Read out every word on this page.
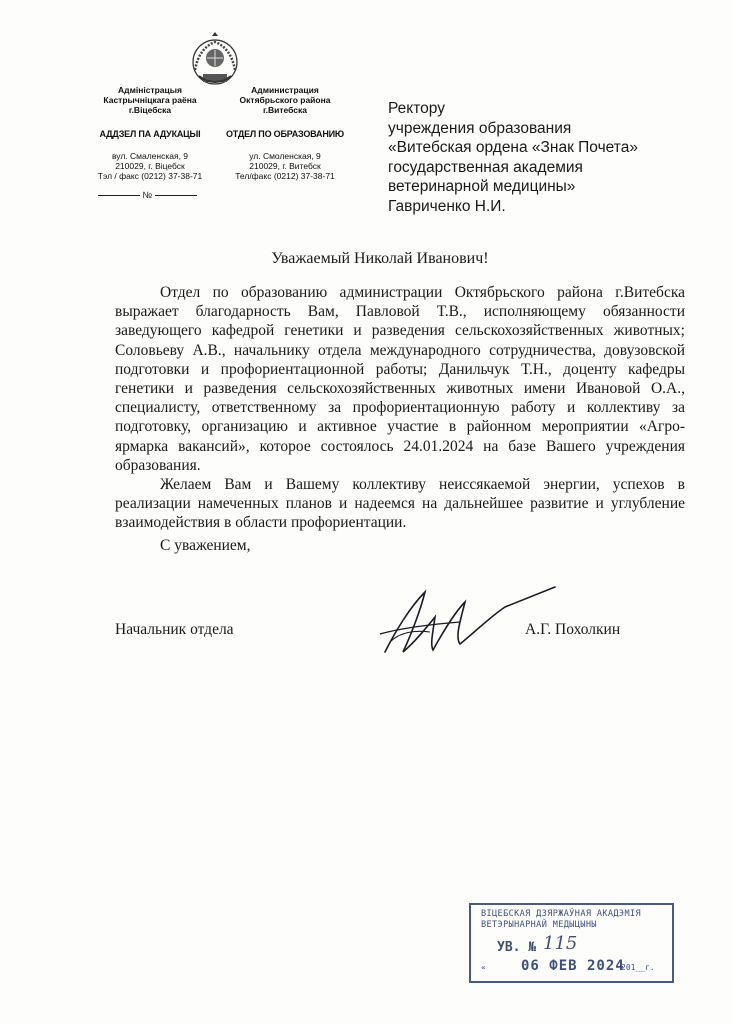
Адміністрацыя
Кастрычніцкага раёна
г.Віцебска
АДДЗЕЛ ПА АДУКАЦЫІ
вул. Смаленская, 9
210029, г. Віцебск
Тэл / факс (0212) 37-38-71
Администрация
Октябрьского района
г.Витебска
ОТДЕЛ ПО ОБРАЗОВАНИЮ
ул. Смоленская, 9
210029, г. Витебск
Тел/факс (0212) 37-38-71
№
Ректору
учреждения образования
«Витебская ордена «Знак Почета»
государственная академия
ветеринарной медицины»
Гавриченко Н.И.
Уважаемый Николай Иванович!

Отдел по образованию администрации Октябрьского района г.Витебска выражает благодарность Вам, Павловой Т.В., исполняющему обязанности заведующего кафедрой генетики и разведения сельскохозяйственных животных; Соловьеву А.В., начальнику отдела международного сотрудничества, довузовской подготовки и профориентационной работы; Данильчук Т.Н., доценту кафедры генетики и разведения сельскохозяйственных животных имени Ивановой О.А., специалисту, ответственному за профориентационную работу и коллективу за подготовку, организацию и активное участие в районном мероприятии «Агро-ярмарка вакансий», которое состоялось 24.01.2024 на базе Вашего учреждения образования.

Желаем Вам и Вашему коллективу неиссякаемой энергии, успехов в реализации намеченных планов и надеемся на дальнейшее развитие и углубление взаимодействия в области профориентации.

С уважением,

Начальник отдела	А.Г. Похолкин
ВІЦЕБСКАЯ ДЗЯРЖАЎНАЯ АКАДЭМІЯ
ВЕТЭРЫНАРНАЙ МЕДЫЦЫНЫ
УВ. № 115
«	06 ФЕВ 2024
201__г.
